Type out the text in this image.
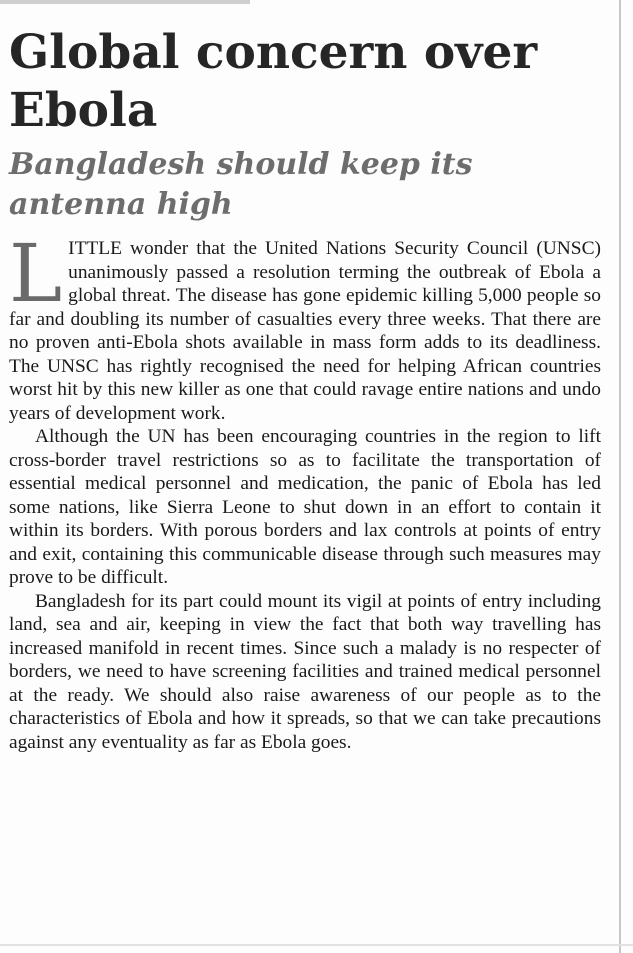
Global concern over Ebola
Bangladesh should keep its antenna high

LITTLE wonder that the United Nations Security Council (UNSC) unanimously passed a resolution terming the outbreak of Ebola a global threat. The disease has gone epidemic killing 5,000 people so far and doubling its number of casualties every three weeks. That there are no proven anti-Ebola shots available in mass form adds to its deadliness. The UNSC has rightly recognised the need for helping African countries worst hit by this new killer as one that could ravage entire nations and undo years of development work.

Although the UN has been encouraging countries in the region to lift cross-border travel restrictions so as to facilitate the transportation of essential medical personnel and medication, the panic of Ebola has led some nations, like Sierra Leone to shut down in an effort to contain it within its borders. With porous borders and lax controls at points of entry and exit, containing this communicable disease through such measures may prove to be difficult.

Bangladesh for its part could mount its vigil at points of entry including land, sea and air, keeping in view the fact that both way travelling has increased manifold in recent times. Since such a malady is no respecter of borders, we need to have screening facilities and trained medical personnel at the ready. We should also raise awareness of our people as to the characteristics of Ebola and how it spreads, so that we can take precautions against any eventuality as far as Ebola goes.
